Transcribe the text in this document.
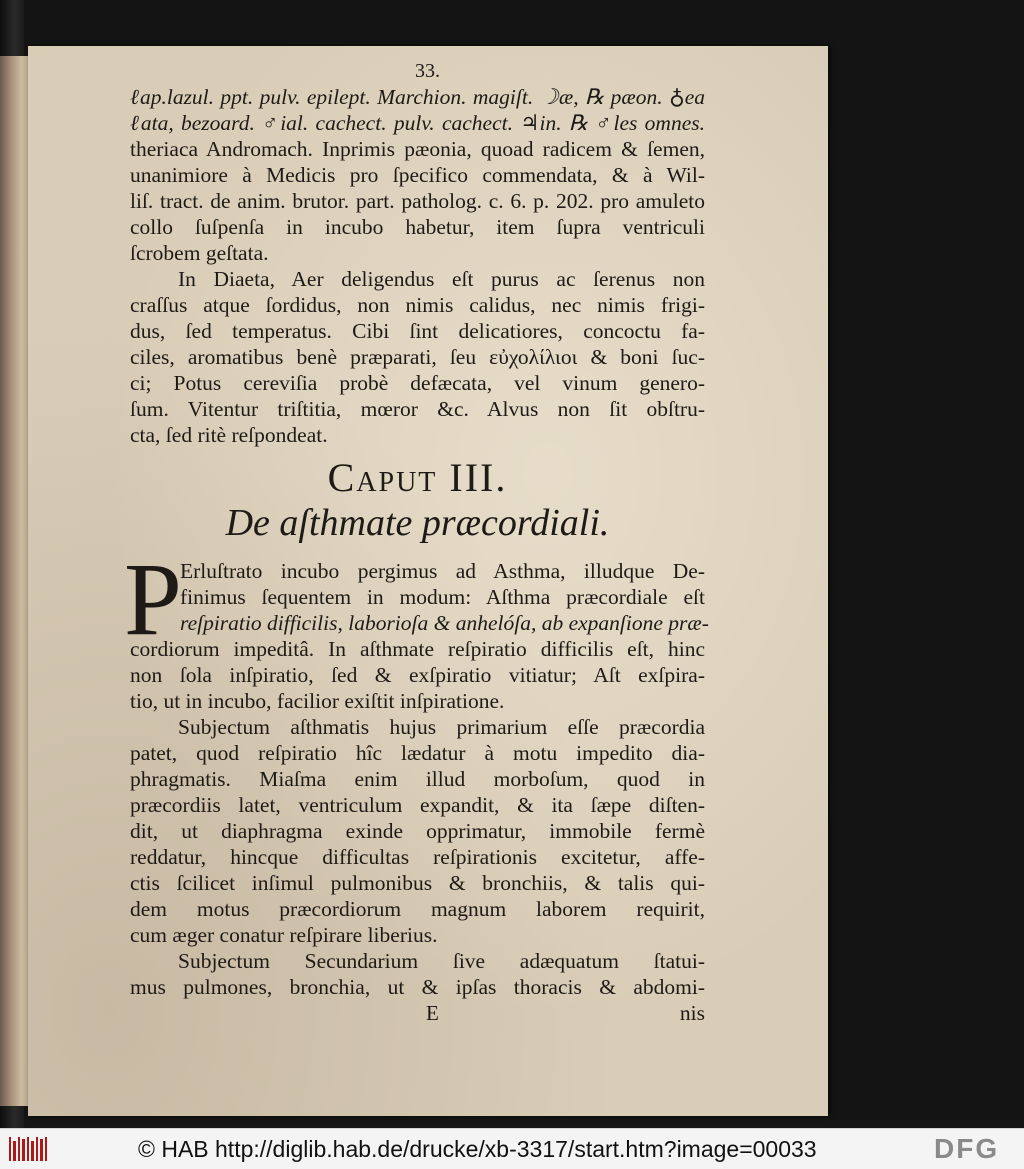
33.
ℓap.lazul. ppt. pulv. epilept. Marchion. magiſt. ☽æ, ℞ pæon. ♁ea
ℓata, bezoard. ♂ial. cachect. pulv. cachect. ♃in. ℞ ♂les omnes.
theriaca Andromach. Inprimis pæonia, quoad radicem & ſemen,
unanimiore à Medicis pro ſpecifico commendata, & à Wil-
liſ. tract. de anim. brutor. part. patholog. c. 6. p. 202. pro amuleto
collo ſuſpenſa in incubo habetur, item ſupra ventriculi
ſcrobem geſtata.
In Diaeta, Aer deligendus eſt purus ac ſerenus non
craſſus atque ſordidus, non nimis calidus, nec nimis frigi-
dus, ſed temperatus. Cibi ſint delicatiores, concoctu fa-
ciles, aromatibus benè præparati, ſeu εὐχολίλιοι & boni ſuc-
ci; Potus cereviſia probè defæcata, vel vinum genero-
ſum. Vitentur triſtitia, mœror &c. Alvus non ſit obſtru-
cta, ſed ritè reſpondeat.
Caput III.
De aſthmate præcordiali.
P
Erluſtrato incubo pergimus ad Asthma, illudque De-
finimus ſequentem in modum: Aſthma præcordiale eſt
reſpiratio difficilis, laborioſa & anhelóſa, ab expanſione præ-
cordiorum impeditâ. In aſthmate reſpiratio difficilis eſt, hinc
non ſola inſpiratio, ſed & exſpiratio vitiatur; Aſt exſpira-
tio, ut in incubo, facilior exiſtit inſpiratione.
Subjectum aſthmatis hujus primarium eſſe præcordia
patet, quod reſpiratio hîc lædatur à motu impedito dia-
phragmatis. Miaſma enim illud morboſum, quod in
præcordiis latet, ventriculum expandit, & ita ſæpe diſten-
dit, ut diaphragma exinde opprimatur, immobile fermè
reddatur, hincque difficultas reſpirationis excitetur, affe-
ctis ſcilicet inſimul pulmonibus & bronchiis, & talis qui-
dem motus præcordiorum magnum laborem requirit,
cum æger conatur reſpirare liberius.
Subjectum Secundarium ſive adæquatum ſtatui-
mus pulmones, bronchia, ut & ipſas thoracis & abdomi-
E	nis
© HAB http://diglib.hab.de/drucke/xb-3317/start.htm?image=00033	DFG
